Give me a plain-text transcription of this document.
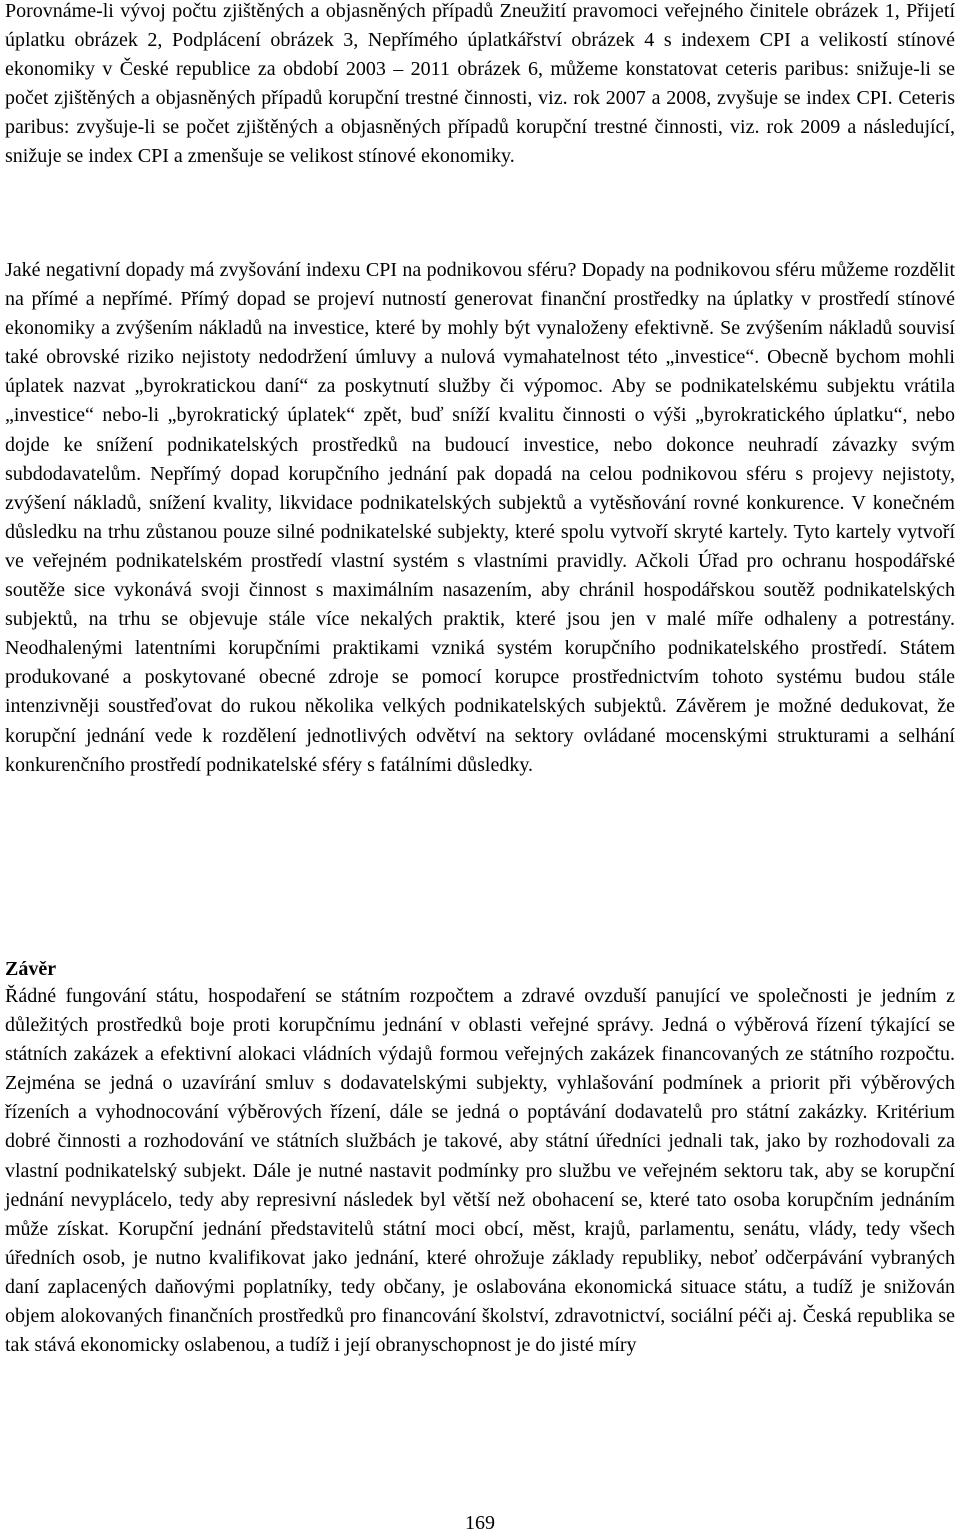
Porovnáme-li vývoj počtu zjištěných a objasněných případů Zneužití pravomoci veřejného činitele obrázek 1, Přijetí úplatku obrázek 2, Podplácení obrázek 3, Nepřímého úplatkářství obrázek 4 s indexem CPI a velikostí stínové ekonomiky v České republice za období 2003 – 2011 obrázek 6, můžeme konstatovat ceteris paribus: snižuje-li se počet zjištěných a objasněných případů korupční trestné činnosti, viz. rok 2007 a 2008, zvyšuje se index CPI. Ceteris paribus: zvyšuje-li se počet zjištěných a objasněných případů korupční trestné činnosti, viz. rok 2009 a následující, snižuje se index CPI a zmenšuje se velikost stínové ekonomiky.

Jaké negativní dopady má zvyšování indexu CPI na podnikovou sféru? Dopady na podnikovou sféru můžeme rozdělit na přímé a nepřímé. Přímý dopad se projeví nutností generovat finanční prostředky na úplatky v prostředí stínové ekonomiky a zvýšením nákladů na investice, které by mohly být vynaloženy efektivně. Se zvýšením nákladů souvisí také obrovské riziko nejistoty nedodržení úmluvy a nulová vymahatelnost této „investice“. Obecně bychom mohli úplatek nazvat „byrokratickou daní“ za poskytnutí služby či výpomoc. Aby se podnikatelskému subjektu vrátila „investice“ nebo-li „byrokratický úplatek“ zpět, buď sníží kvalitu činnosti o výši „byrokratického úplatku“, nebo dojde ke snížení podnikatelských prostředků na budoucí investice, nebo dokonce neuhradí závazky svým subdodavatelům. Nepřímý dopad korupčního jednání pak dopadá na celou podnikovou sféru s projevy nejistoty, zvýšení nákladů, snížení kvality, likvidace podnikatelských subjektů a vytěsňování rovné konkurence. V konečném důsledku na trhu zůstanou pouze silné podnikatelské subjekty, které spolu vytvoří skryté kartely. Tyto kartely vytvoří ve veřejném podnikatelském prostředí vlastní systém s vlastními pravidly. Ačkoli Úřad pro ochranu hospodářské soutěže sice vykonává svoji činnost s maximálním nasazením, aby chránil hospodářskou soutěž podnikatelských subjektů, na trhu se objevuje stále více nekalých praktik, které jsou jen v malé míře odhaleny a potrestány. Neodhalenými latentními korupčními praktikami vzniká systém korupčního podnikatelského prostředí. Státem produkované a poskytované obecné zdroje se pomocí korupce prostřednictvím tohoto systému budou stále intenzivněji soustřeďovat do rukou několika velkých podnikatelských subjektů. Závěrem je možné dedukovat, že korupční jednání vede k rozdělení jednotlivých odvětví na sektory ovládané mocenskými strukturami a selhání konkurenčního prostředí podnikatelské sféry s fatálními důsledky.

Závěr

Řádné fungování státu, hospodaření se státním rozpočtem a zdravé ovzduší panující ve společnosti je jedním z důležitých prostředků boje proti korupčnímu jednání v oblasti veřejné správy. Jedná o výběrová řízení týkající se státních zakázek a efektivní alokaci vládních výdajů formou veřejných zakázek financovaných ze státního rozpočtu. Zejména se jedná o uzavírání smluv s dodavatelskými subjekty, vyhlašování podmínek a priorit při výběrových řízeních a vyhodnocování výběrových řízení, dále se jedná o poptávání dodavatelů pro státní zakázky. Kritérium dobré činnosti a rozhodování ve státních službách je takové, aby státní úředníci jednali tak, jako by rozhodovali za vlastní podnikatelský subjekt. Dále je nutné nastavit podmínky pro službu ve veřejném sektoru tak, aby se korupční jednání nevyplácelo, tedy aby represivní následek byl větší než obohacení se, které tato osoba korupčním jednáním může získat. Korupční jednání představitelů státní moci obcí, měst, krajů, parlamentu, senátu, vlády, tedy všech úředních osob, je nutno kvalifikovat jako jednání, které ohrožuje základy republiky, neboť odčerpávání vybraných daní zaplacených daňovými poplatníky, tedy občany, je oslabována ekonomická situace státu, a tudíž je snižován objem alokovaných finančních prostředků pro financování školství, zdravotnictví, sociální péči aj. Česká republika se tak stává ekonomicky oslabenou, a tudíž i její obranyschopnost je do jisté míry

169
